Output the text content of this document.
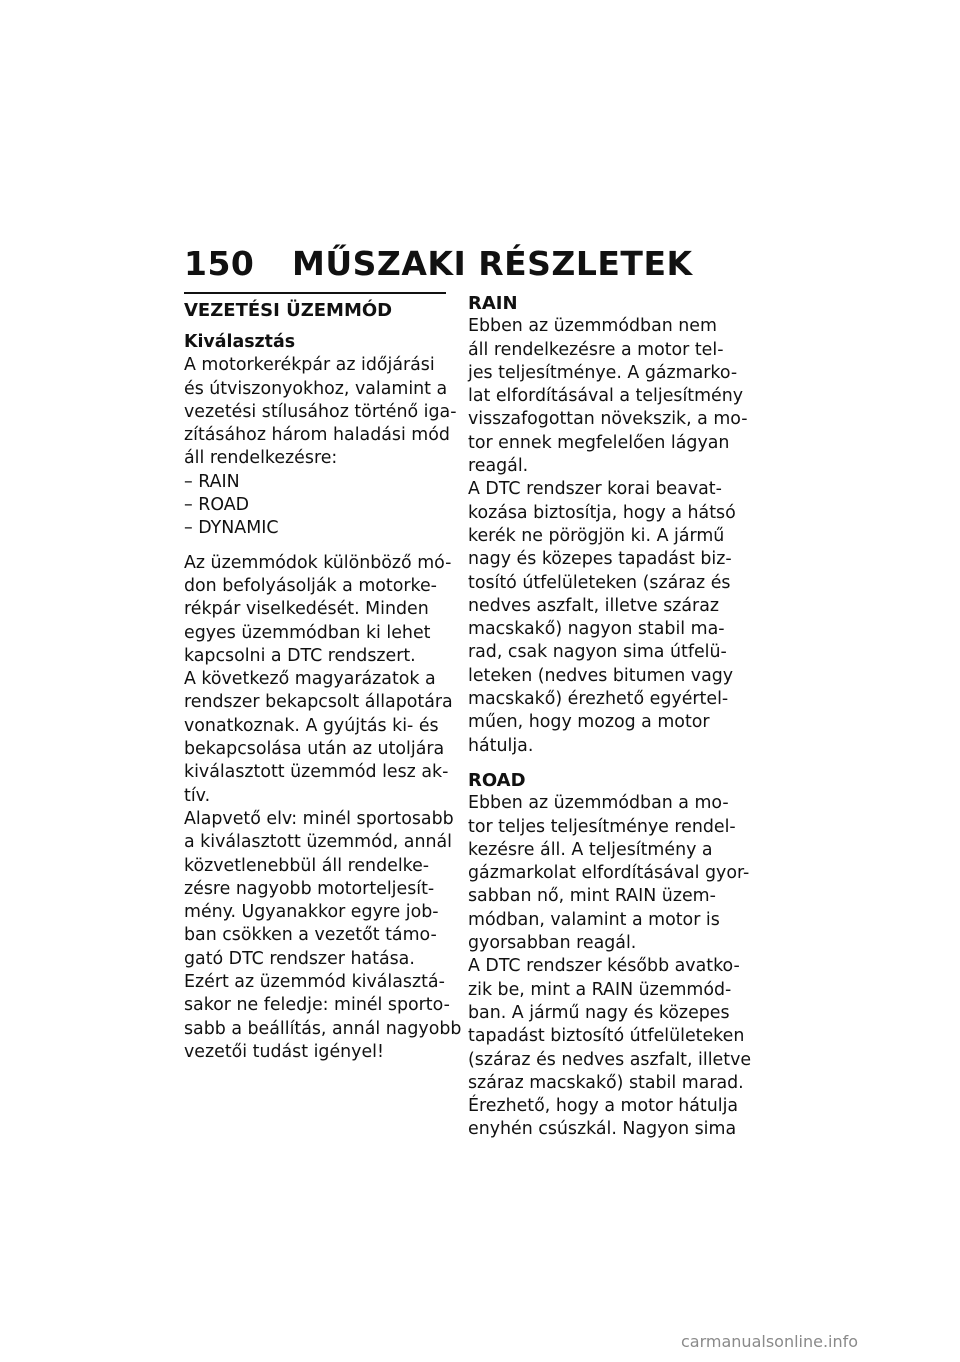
150 MŰSZAKI RÉSZLETEK
VEZETÉSI ÜZEMMÓD
Kiválasztás
A motorkerékpár az időjárási
és útviszonyokhoz, valamint a
vezetési stílusához történő iga-
zításához három haladási mód
áll rendelkezésre:
– RAIN
– ROAD
– DYNAMIC
Az üzemmódok különböző mó-
don befolyásolják a motorke-
rékpár viselkedését. Minden
egyes üzemmódban ki lehet
kapcsolni a DTC rendszert.
A következő magyarázatok a
rendszer bekapcsolt állapotára
vonatkoznak. A gyújtás ki- és
bekapcsolása után az utoljára
kiválasztott üzemmód lesz ak-
tív.
Alapvető elv: minél sportosabb
a kiválasztott üzemmód, annál
közvetlenebbül áll rendelke-
zésre nagyobb motorteljesít-
mény. Ugyanakkor egyre job-
ban csökken a vezetőt támo-
gató DTC rendszer hatása.
Ezért az üzemmód kiválasztá-
sakor ne feledje: minél sporto-
sabb a beállítás, annál nagyobb
vezetői tudást igényel!
RAIN
Ebben az üzemmódban nem
áll rendelkezésre a motor tel-
jes teljesítménye. A gázmarko-
lat elfordításával a teljesítmény
visszafogottan növekszik, a mo-
tor ennek megfelelően lágyan
reagál.
A DTC rendszer korai beavat-
kozása biztosítja, hogy a hátsó
kerék ne pörögjön ki. A jármű
nagy és közepes tapadást biz-
tosító útfelületeken (száraz és
nedves aszfalt, illetve száraz
macskakő) nagyon stabil ma-
rad, csak nagyon sima útfelü-
leteken (nedves bitumen vagy
macskakő) érezhető egyértel-
műen, hogy mozog a motor
hátulja.
ROAD
Ebben az üzemmódban a mo-
tor teljes teljesítménye rendel-
kezésre áll. A teljesítmény a
gázmarkolat elfordításával gyor-
sabban nő, mint RAIN üzem-
módban, valamint a motor is
gyorsabban reagál.
A DTC rendszer később avatko-
zik be, mint a RAIN üzemmód-
ban. A jármű nagy és közepes
tapadást biztosító útfelületeken
(száraz és nedves aszfalt, illetve
száraz macskakő) stabil marad.
Érezhető, hogy a motor hátulja
enyhén csúszkál. Nagyon sima
carmanualsonline.info
